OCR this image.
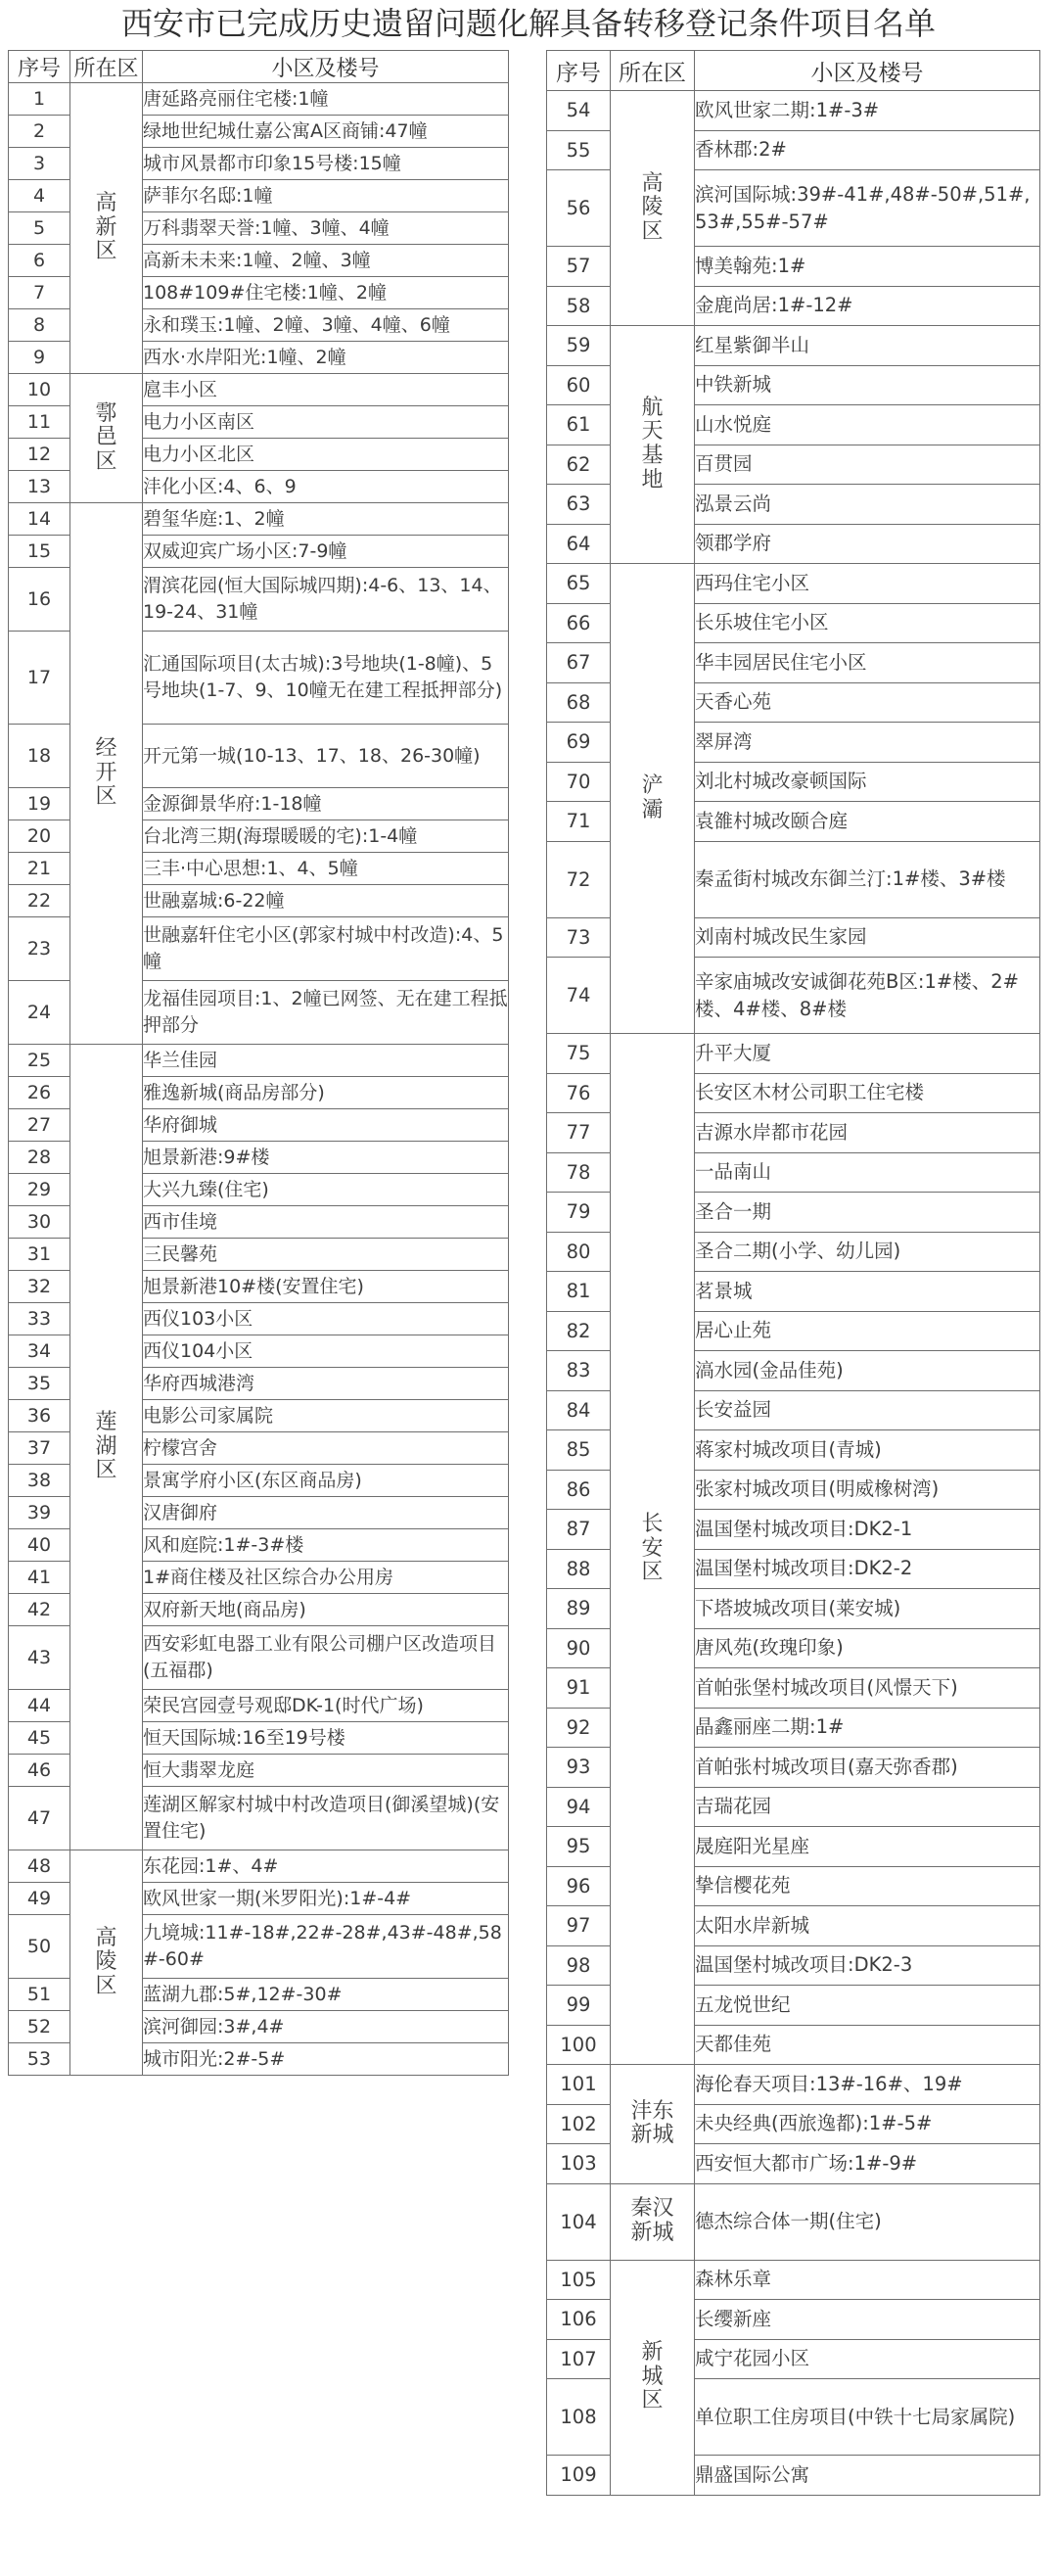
西安市已完成历史遗留问题化解具备转移登记条件项目名单
序号	所在区	小区及楼号
1	高新区	唐延路亮丽住宅楼:1幢
2		绿地世纪城仕嘉公寓A区商铺:47幢
3		城市风景都市印象15号楼:15幢
4		萨菲尔名邸:1幢
5		万科翡翠天誉:1幢、3幢、4幢
6		高新未未来:1幢、2幢、3幢
7		108#109#住宅楼:1幢、2幢
8		永和璞玉:1幢、2幢、3幢、4幢、6幢
9		西水·水岸阳光:1幢、2幢
10	鄠邑区	扈丰小区
11		电力小区南区
12		电力小区北区
13		沣化小区:4、6、9
14	经开区	碧玺华庭:1、2幢
15		双威迎宾广场小区:7-9幢
16		渭滨花园(恒大国际城四期):4-6、13、14、19-24、31幢
17		汇通国际项目(太古城):3号地块(1-8幢)、5号地块(1-7、9、10幢无在建工程抵押部分)
18		开元第一城(10-13、17、18、26-30幢)
19		金源御景华府:1-18幢
20		台北湾三期(海璟暖暖的宅):1-4幢
21		三丰·中心思想:1、4、5幢
22		世融嘉城:6-22幢
23		世融嘉轩住宅小区(郭家村城中村改造):4、5幢
24		龙福佳园项目:1、2幢已网签、无在建工程抵押部分
25	莲湖区	华兰佳园
26		雅逸新城(商品房部分)
27		华府御城
28		旭景新港:9#楼
29		大兴九臻(住宅)
30		西市佳境
31		三民馨苑
32		旭景新港10#楼(安置住宅)
33		西仪103小区
34		西仪104小区
35		华府西城港湾
36		电影公司家属院
37		柠檬宫舍
38		景寓学府小区(东区商品房)
39		汉唐御府
40		风和庭院:1#-3#楼
41		1#商住楼及社区综合办公用房
42		双府新天地(商品房)
43		西安彩虹电器工业有限公司棚户区改造项目(五福郡)
44		荣民宫园壹号观邸DK-1(时代广场)
45		恒天国际城:16至19号楼
46		恒大翡翠龙庭
47		莲湖区解家村城中村改造项目(御溪望城)(安置住宅)
48	高陵区	东花园:1#、4#
49		欧风世家一期(米罗阳光):1#-4#
50		九境城:11#-18#,22#-28#,43#-48#,58#-60#
51		蓝湖九郡:5#,12#-30#
52		滨河御园:3#,4#
53		城市阳光:2#-5#
序号	所在区	小区及楼号
54	高陵区	欧风世家二期:1#-3#
55		香林郡:2#
56		滨河国际城:39#-41#,48#-50#,51#,53#,55#-57#
57		博美翰苑:1#
58		金鹿尚居:1#-12#
59	航天基地	红星紫御半山
60		中铁新城
61		山水悦庭
62		百贯园
63		泓景云尚
64		领郡学府
65	浐灞	西玛住宅小区
66		长乐坡住宅小区
67		华丰园居民住宅小区
68		天香心苑
69		翠屏湾
70		刘北村城改豪顿国际
71		袁雒村城改颐合庭
72		秦孟街村城改东御兰汀:1#楼、3#楼
73		刘南村城改民生家园
74		辛家庙城改安诚御花苑B区:1#楼、2#楼、4#楼、8#楼
75	长安区	升平大厦
76		长安区木材公司职工住宅楼
77		吉源水岸都市花园
78		一品南山
79		圣合一期
80		圣合二期(小学、幼儿园)
81		茗景城
82		居心止苑
83		滈水园(金品佳苑)
84		长安益园
85		蒋家村城改项目(青城)
86		张家村城改项目(明威橡树湾)
87		温国堡村城改项目:DK2-1
88		温国堡村城改项目:DK2-2
89		下塔坡城改项目(莱安城)
90		唐风苑(玫瑰印象)
91		首帕张堡村城改项目(风憬天下)
92		晶鑫丽座二期:1#
93		首帕张村城改项目(嘉天弥香郡)
94		吉瑞花园
95		晟庭阳光星座
96		挚信樱花苑
97		太阳水岸新城
98		温国堡村城改项目:DK2-3
99		五龙悦世纪
100		天都佳苑
101	沣东新城	海伦春天项目:13#-16#、19#
102		未央经典(西旅逸都):1#-5#
103		西安恒大都市广场:1#-9#
104	秦汉新城	德杰综合体一期(住宅)
105	新城区	森林乐章
106		长缨新座
107		咸宁花园小区
108		单位职工住房项目(中铁十七局家属院)
109		鼎盛国际公寓
